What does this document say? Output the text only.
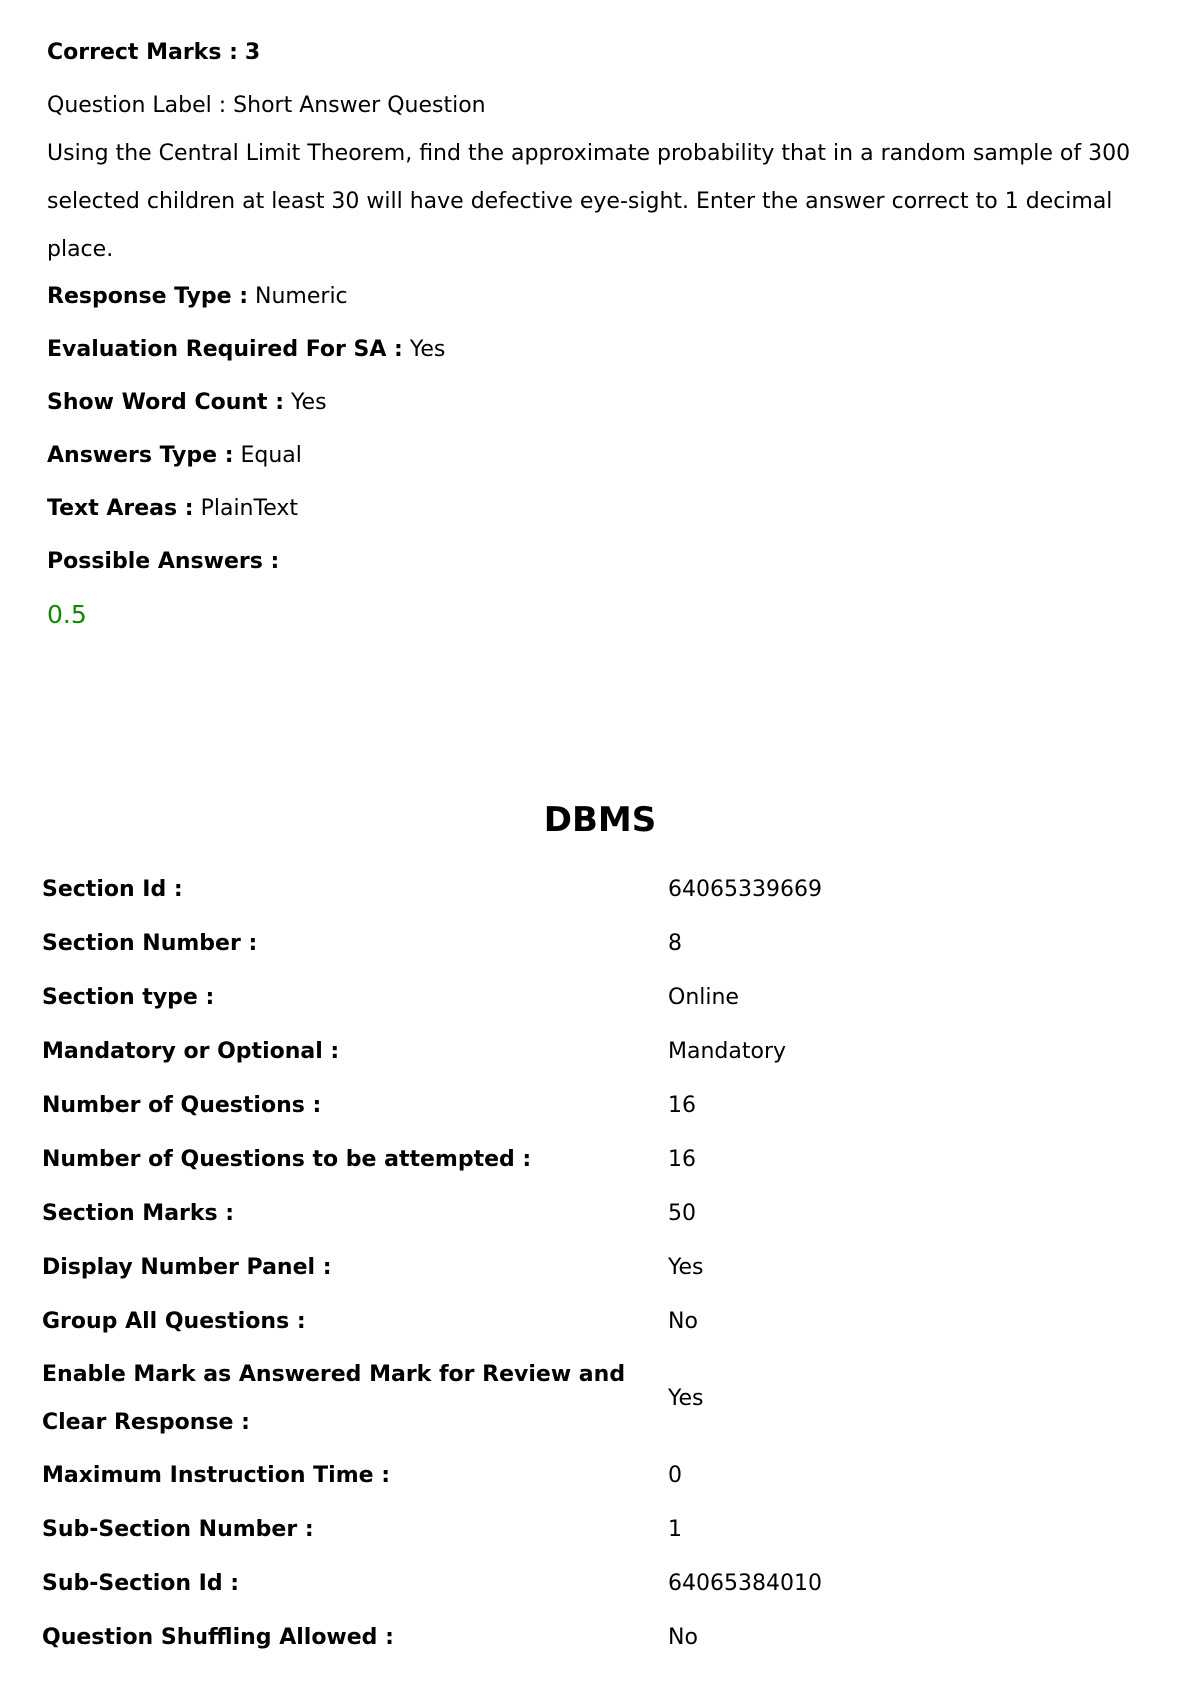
Correct Marks : 3

Question Label : Short Answer Question

Using the Central Limit Theorem, find the approximate probability that in a random sample of 300 selected children at least 30 will have defective eye-sight. Enter the answer correct to 1 decimal place.

Response Type : Numeric

Evaluation Required For SA : Yes

Show Word Count : Yes

Answers Type : Equal

Text Areas : PlainText

Possible Answers :

0.5

DBMS
Section Id :	64065339669
Section Number :	8
Section type :	Online
Mandatory or Optional :	Mandatory
Number of Questions :	16
Number of Questions to be attempted :	16
Section Marks :	50
Display Number Panel :	Yes
Group All Questions :	No
Enable Mark as Answered Mark for Review and Clear Response :	Yes
Maximum Instruction Time :	0
Sub-Section Number :	1
Sub-Section Id :	64065384010
Question Shuffling Allowed :	No
